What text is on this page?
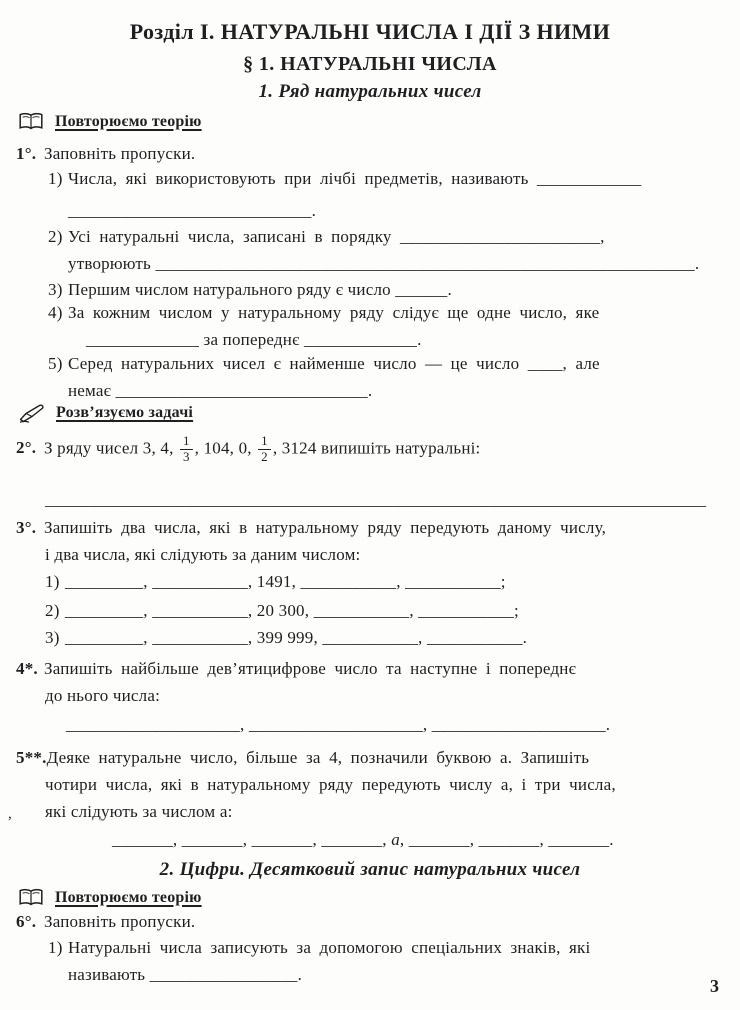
Розділ I. НАТУРАЛЬНІ ЧИСЛА І ДІЇ З НИМИ
§ 1. НАТУРАЛЬНІ ЧИСЛА
1. Ряд натуральних чисел
Повторюємо теорію
1°. Заповніть пропуски.
1) Числа, які використовують при лічбі предметів, називають ____________
____________________________.
2) Усі натуральні числа, записані в порядку _______________________,
утворюють ______________________________________________________________.
3) Першим числом натурального ряду є число ______.
4) За кожним числом у натуральному ряду слідує ще одне число, яке
_____________ за попереднє _____________.
5) Серед натуральних чисел є найменше число — це число ____, але
немає _____________________________.
Розв’язуємо задачі
2°. З ряду чисел 3, 4, $\frac{1}{3}$ , 104, 0, $\frac{1}{2}$ , 3124 випишіть натуральні:
____________________________________________________________________________
3°. Запишіть два числа, які в натуральному ряду передують даному числу,
і два числа, які слідують за даним числом:
1) _________, ___________, 1491, ___________, ___________;
2) _________, ___________, 20 300, ___________, ___________;
3) _________, ___________, 399 999, ___________, ___________.
4*. Запишіть найбільше дев’ятицифрове число та наступне і попереднє
до нього числа:
____________________, ____________________, ____________________.
5**.Деяке натуральне число, більше за 4, позначили буквою a. Запишіть
чотири числа, які в натуральному ряду передують числу a, і три числа,
які слідують за числом a:
_______, _______, _______, _______, a, _______, _______, _______.
,
2. Цифри. Десятковий запис натуральних чисел
Повторюємо теорію
6°. Заповніть пропуски.
1) Натуральні числа записують за допомогою спеціальних знаків, які
називають _________________.
3
